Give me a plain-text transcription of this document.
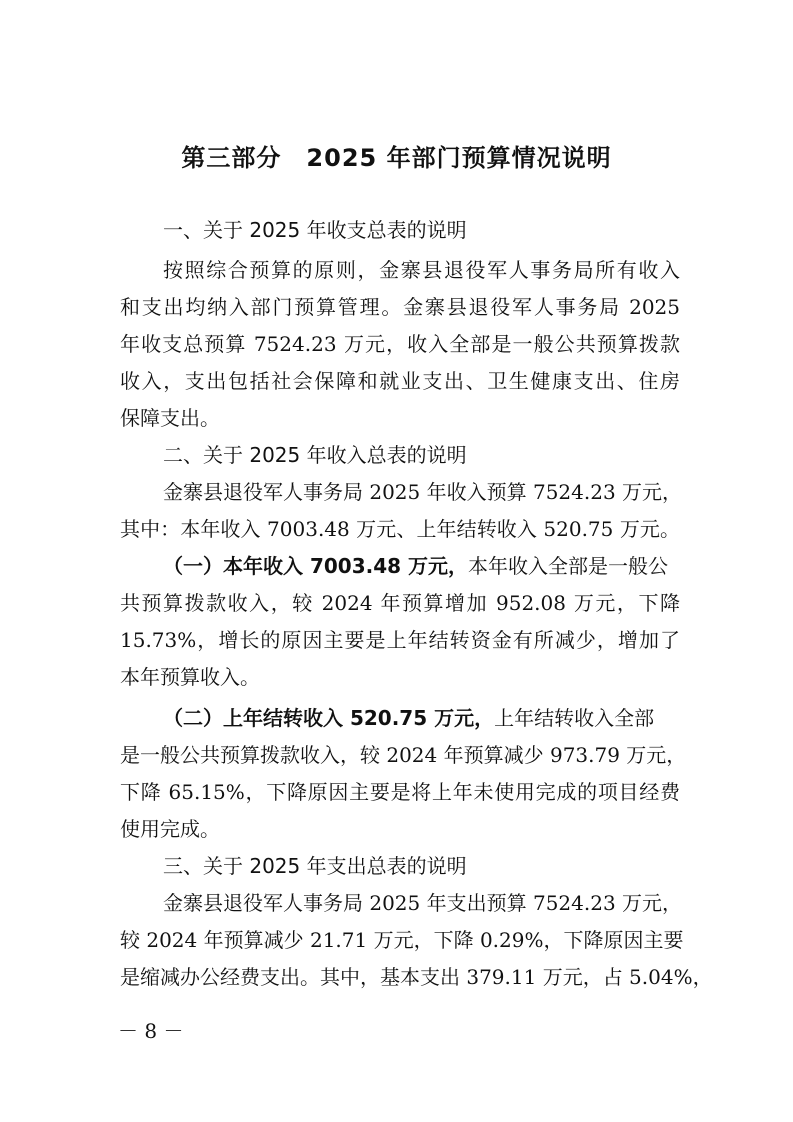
第三部分　2025 年部门预算情况说明
一、关于 2025 年收支总表的说明
按照综合预算的原则，金寨县退役军人事务局所有收入
和支出均纳入部门预算管理。金寨县退役军人事务局 2025
年收支总预算 7524.23 万元，收入全部是一般公共预算拨款
收入，支出包括社会保障和就业支出、卫生健康支出、住房
保障支出。
二、关于 2025 年收入总表的说明
金寨县退役军人事务局 2025 年收入预算 7524.23 万元，
其中：本年收入 7003.48 万元、上年结转收入 520.75 万元。
（一）本年收入 7003.48 万元，本年收入全部是一般公
共预算拨款收入，较 2024 年预算增加 952.08 万元，下降
15.73%，增长的原因主要是上年结转资金有所减少，增加了
本年预算收入。
（二）上年结转收入 520.75 万元，上年结转收入全部
是一般公共预算拨款收入，较 2024 年预算减少 973.79 万元，
下降 65.15%，下降原因主要是将上年未使用完成的项目经费
使用完成。
三、关于 2025 年支出总表的说明
金寨县退役军人事务局 2025 年支出预算 7524.23 万元，
较 2024 年预算减少 21.71 万元，下降 0.29%，下降原因主要
是缩减办公经费支出。其中，基本支出 379.11 万元，占 5.04%，
－ 8 －
